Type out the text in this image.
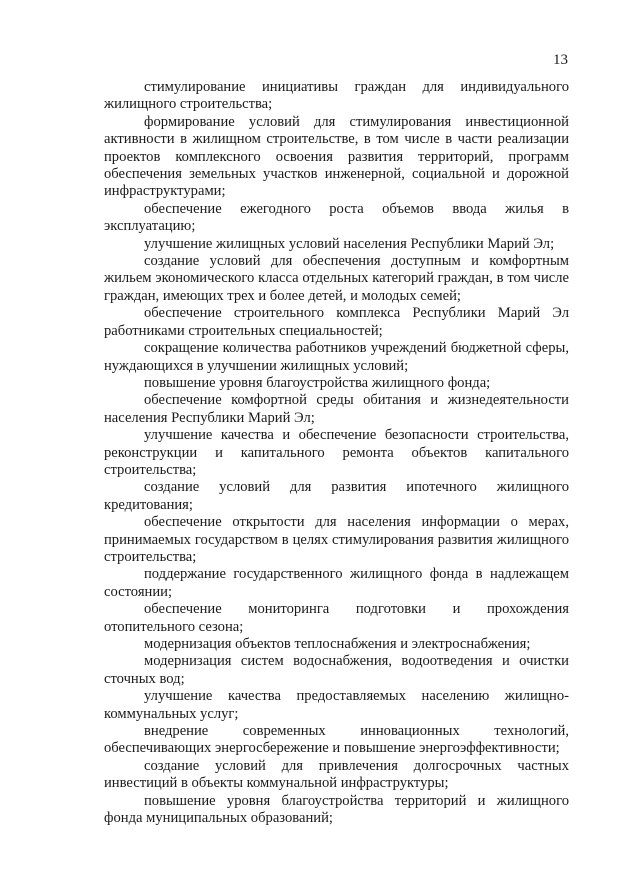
13

стимулирование инициативы граждан для индивидуального жилищного строительства;

формирование условий для стимулирования инвестиционной активности в жилищном строительстве, в том числе в части реализации проектов комплексного освоения развития территорий, программ обеспечения земельных участков инженерной, социальной и дорожной инфраструктурами;

обеспечение ежегодного роста объемов ввода жилья в эксплуатацию;

улучшение жилищных условий населения Республики Марий Эл;

создание условий для обеспечения доступным и комфортным жильем экономического класса отдельных категорий граждан, в том числе граждан, имеющих трех и более детей, и молодых семей;

обеспечение строительного комплекса Республики Марий Эл работниками строительных специальностей;

сокращение количества работников учреждений бюджетной сферы, нуждающихся в улучшении жилищных условий;

повышение уровня благоустройства жилищного фонда;

обеспечение комфортной среды обитания и жизнедеятельности населения Республики Марий Эл;

улучшение качества и обеспечение безопасности строительства, реконструкции и капитального ремонта объектов капитального строительства;

создание условий для развития ипотечного жилищного кредитования;

обеспечение открытости для населения информации о мерах, принимаемых государством в целях стимулирования развития жилищного строительства;

поддержание государственного жилищного фонда в надлежащем состоянии;

обеспечение мониторинга подготовки и прохождения отопительного сезона;

модернизация объектов теплоснабжения и электроснабжения;

модернизация систем водоснабжения, водоотведения и очистки сточных вод;

улучшение качества предоставляемых населению жилищно-коммунальных услуг;

внедрение современных инновационных технологий, обеспечивающих энергосбережение и повышение энергоэффективности;

создание условий для привлечения долгосрочных частных инвестиций в объекты коммунальной инфраструктуры;

повышение уровня благоустройства территорий и жилищного фонда муниципальных образований;
